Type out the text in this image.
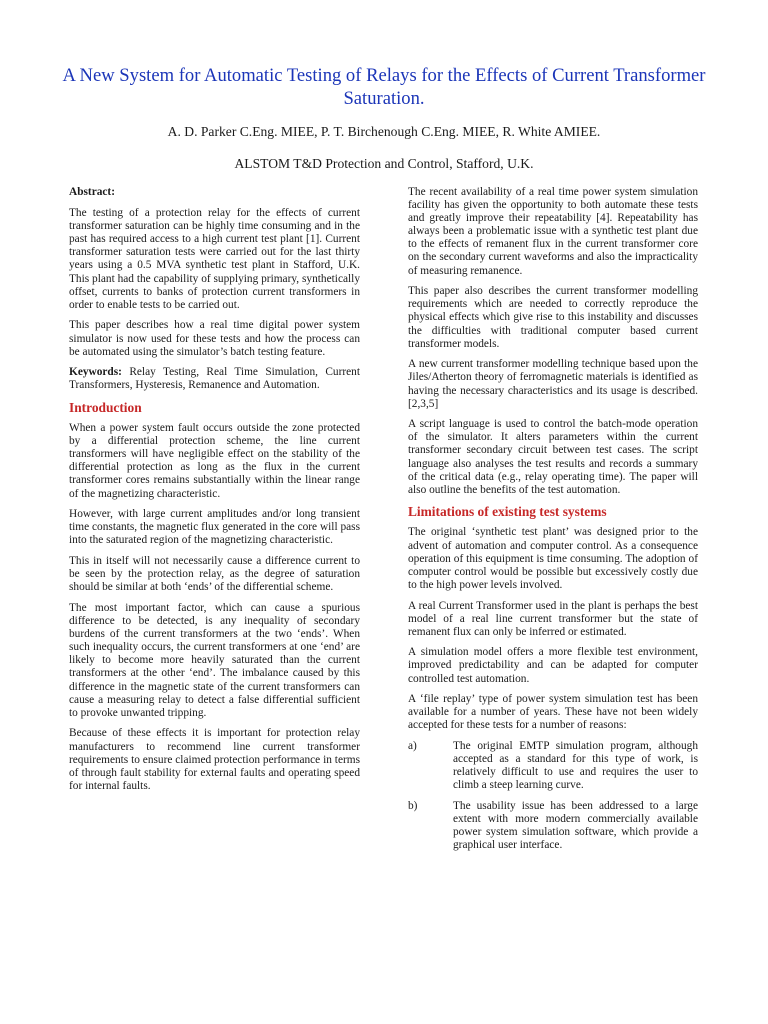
A New System for Automatic Testing of Relays for the Effects of Current Transformer Saturation.
A. D. Parker C.Eng. MIEE, P. T. Birchenough C.Eng. MIEE, R. White AMIEE.
ALSTOM T&D Protection and Control, Stafford, U.K.
Abstract:

The testing of a protection relay for the effects of current transformer saturation can be highly time consuming and in the past has required access to a high current test plant [1]. Current transformer saturation tests were carried out for the last thirty years using a 0.5 MVA synthetic test plant in Stafford, U.K. This plant had the capability of supplying primary, synthetically offset, currents to banks of protection current transformers in order to enable tests to be carried out.

This paper describes how a real time digital power system simulator is now used for these tests and how the process can be automated using the simulator’s batch testing feature.

Keywords: Relay Testing, Real Time Simulation, Current Transformers, Hysteresis, Remanence and Automation.

Introduction

When a power system fault occurs outside the zone protected by a differential protection scheme, the line current transformers will have negligible effect on the stability of the differential protection as long as the flux in the current transformer cores remains substantially within the linear range of the magnetizing characteristic.

However, with large current amplitudes and/or long transient time constants, the magnetic flux generated in the core will pass into the saturated region of the magnetizing characteristic.

This in itself will not necessarily cause a difference current to be seen by the protection relay, as the degree of saturation should be similar at both ‘ends’ of the differential scheme.

The most important factor, which can cause a spurious difference to be detected, is any inequality of secondary burdens of the current transformers at the two ‘ends’. When such inequality occurs, the current transformers at one ‘end’ are likely to become more heavily saturated than the current transformers at the other ‘end’. The imbalance caused by this difference in the magnetic state of the current transformers can cause a measuring relay to detect a false differential sufficient to provoke unwanted tripping.

Because of these effects it is important for protection relay manufacturers to recommend line current transformer requirements to ensure claimed protection performance in terms of through fault stability for external faults and operating speed for internal faults.

The recent availability of a real time power system simulation facility has given the opportunity to both automate these tests and greatly improve their repeatability [4]. Repeatability has always been a problematic issue with a synthetic test plant due to the effects of remanent flux in the current transformer core on the secondary current waveforms and also the impracticality of measuring remanence.

This paper also describes the current transformer modelling requirements which are needed to correctly reproduce the physical effects which give rise to this instability and discusses the difficulties with traditional computer based current transformer models.

A new current transformer modelling technique based upon the Jiles/Atherton theory of ferromagnetic materials is identified as having the necessary characteristics and its usage is described. [2,3,5]

A script language is used to control the batch-mode operation of the simulator. It alters parameters within the current transformer secondary circuit between test cases. The script language also analyses the test results and records a summary of the critical data (e.g., relay operating time). The paper will also outline the benefits of the test automation.

Limitations of existing test systems

The original ‘synthetic test plant’ was designed prior to the advent of automation and computer control. As a consequence operation of this equipment is time consuming. The adoption of computer control would be possible but excessively costly due to the high power levels involved.

A real Current Transformer used in the plant is perhaps the best model of a real line current transformer but the state of remanent flux can only be inferred or estimated.

A simulation model offers a more flexible test environment, improved predictability and can be adapted for computer controlled test automation.

A ‘file replay’ type of power system simulation test has been available for a number of years. These have not been widely accepted for these tests for a number of reasons:

a)	The original EMTP simulation program, although accepted as a standard for this type of work, is relatively difficult to use and requires the user to climb a steep learning curve.
b)	The usability issue has been addressed to a large extent with more modern commercially available power system simulation software, which provide a graphical user interface.
